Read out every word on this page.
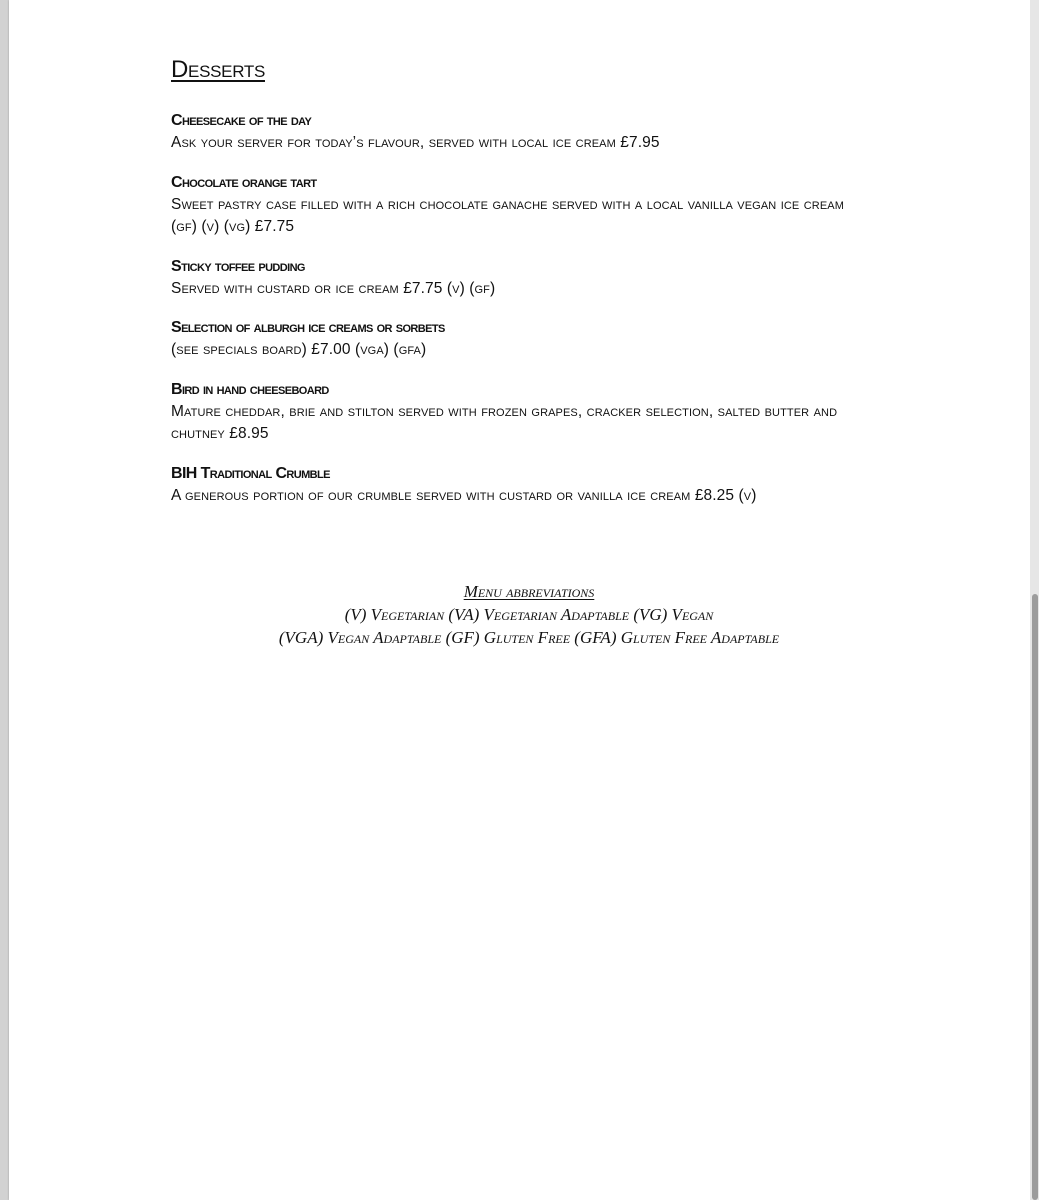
Desserts
Cheesecake of the day
Ask your server for today’s flavour, served with local ice cream £7.95
Chocolate orange tart
Sweet pastry case filled with a rich chocolate ganache served with a local vanilla vegan ice cream (gf) (v) (vg) £7.75
Sticky toffee pudding
Served with custard or ice cream £7.75 (v) (gf)
Selection of alburgh ice creams or sorbets
(see specials board) £7.00 (vga) (gfa)
Bird in hand cheeseboard
Mature cheddar, brie and stilton served with frozen grapes, cracker selection, salted butter and chutney £8.95
BIH Traditional Crumble
A generous portion of our crumble served with custard or vanilla ice cream £8.25 (v)
Menu abbreviations
(V) Vegetarian (VA) Vegetarian Adaptable (VG) Vegan
(VGA) Vegan Adaptable (GF) Gluten Free (GFA) Gluten Free Adaptable
